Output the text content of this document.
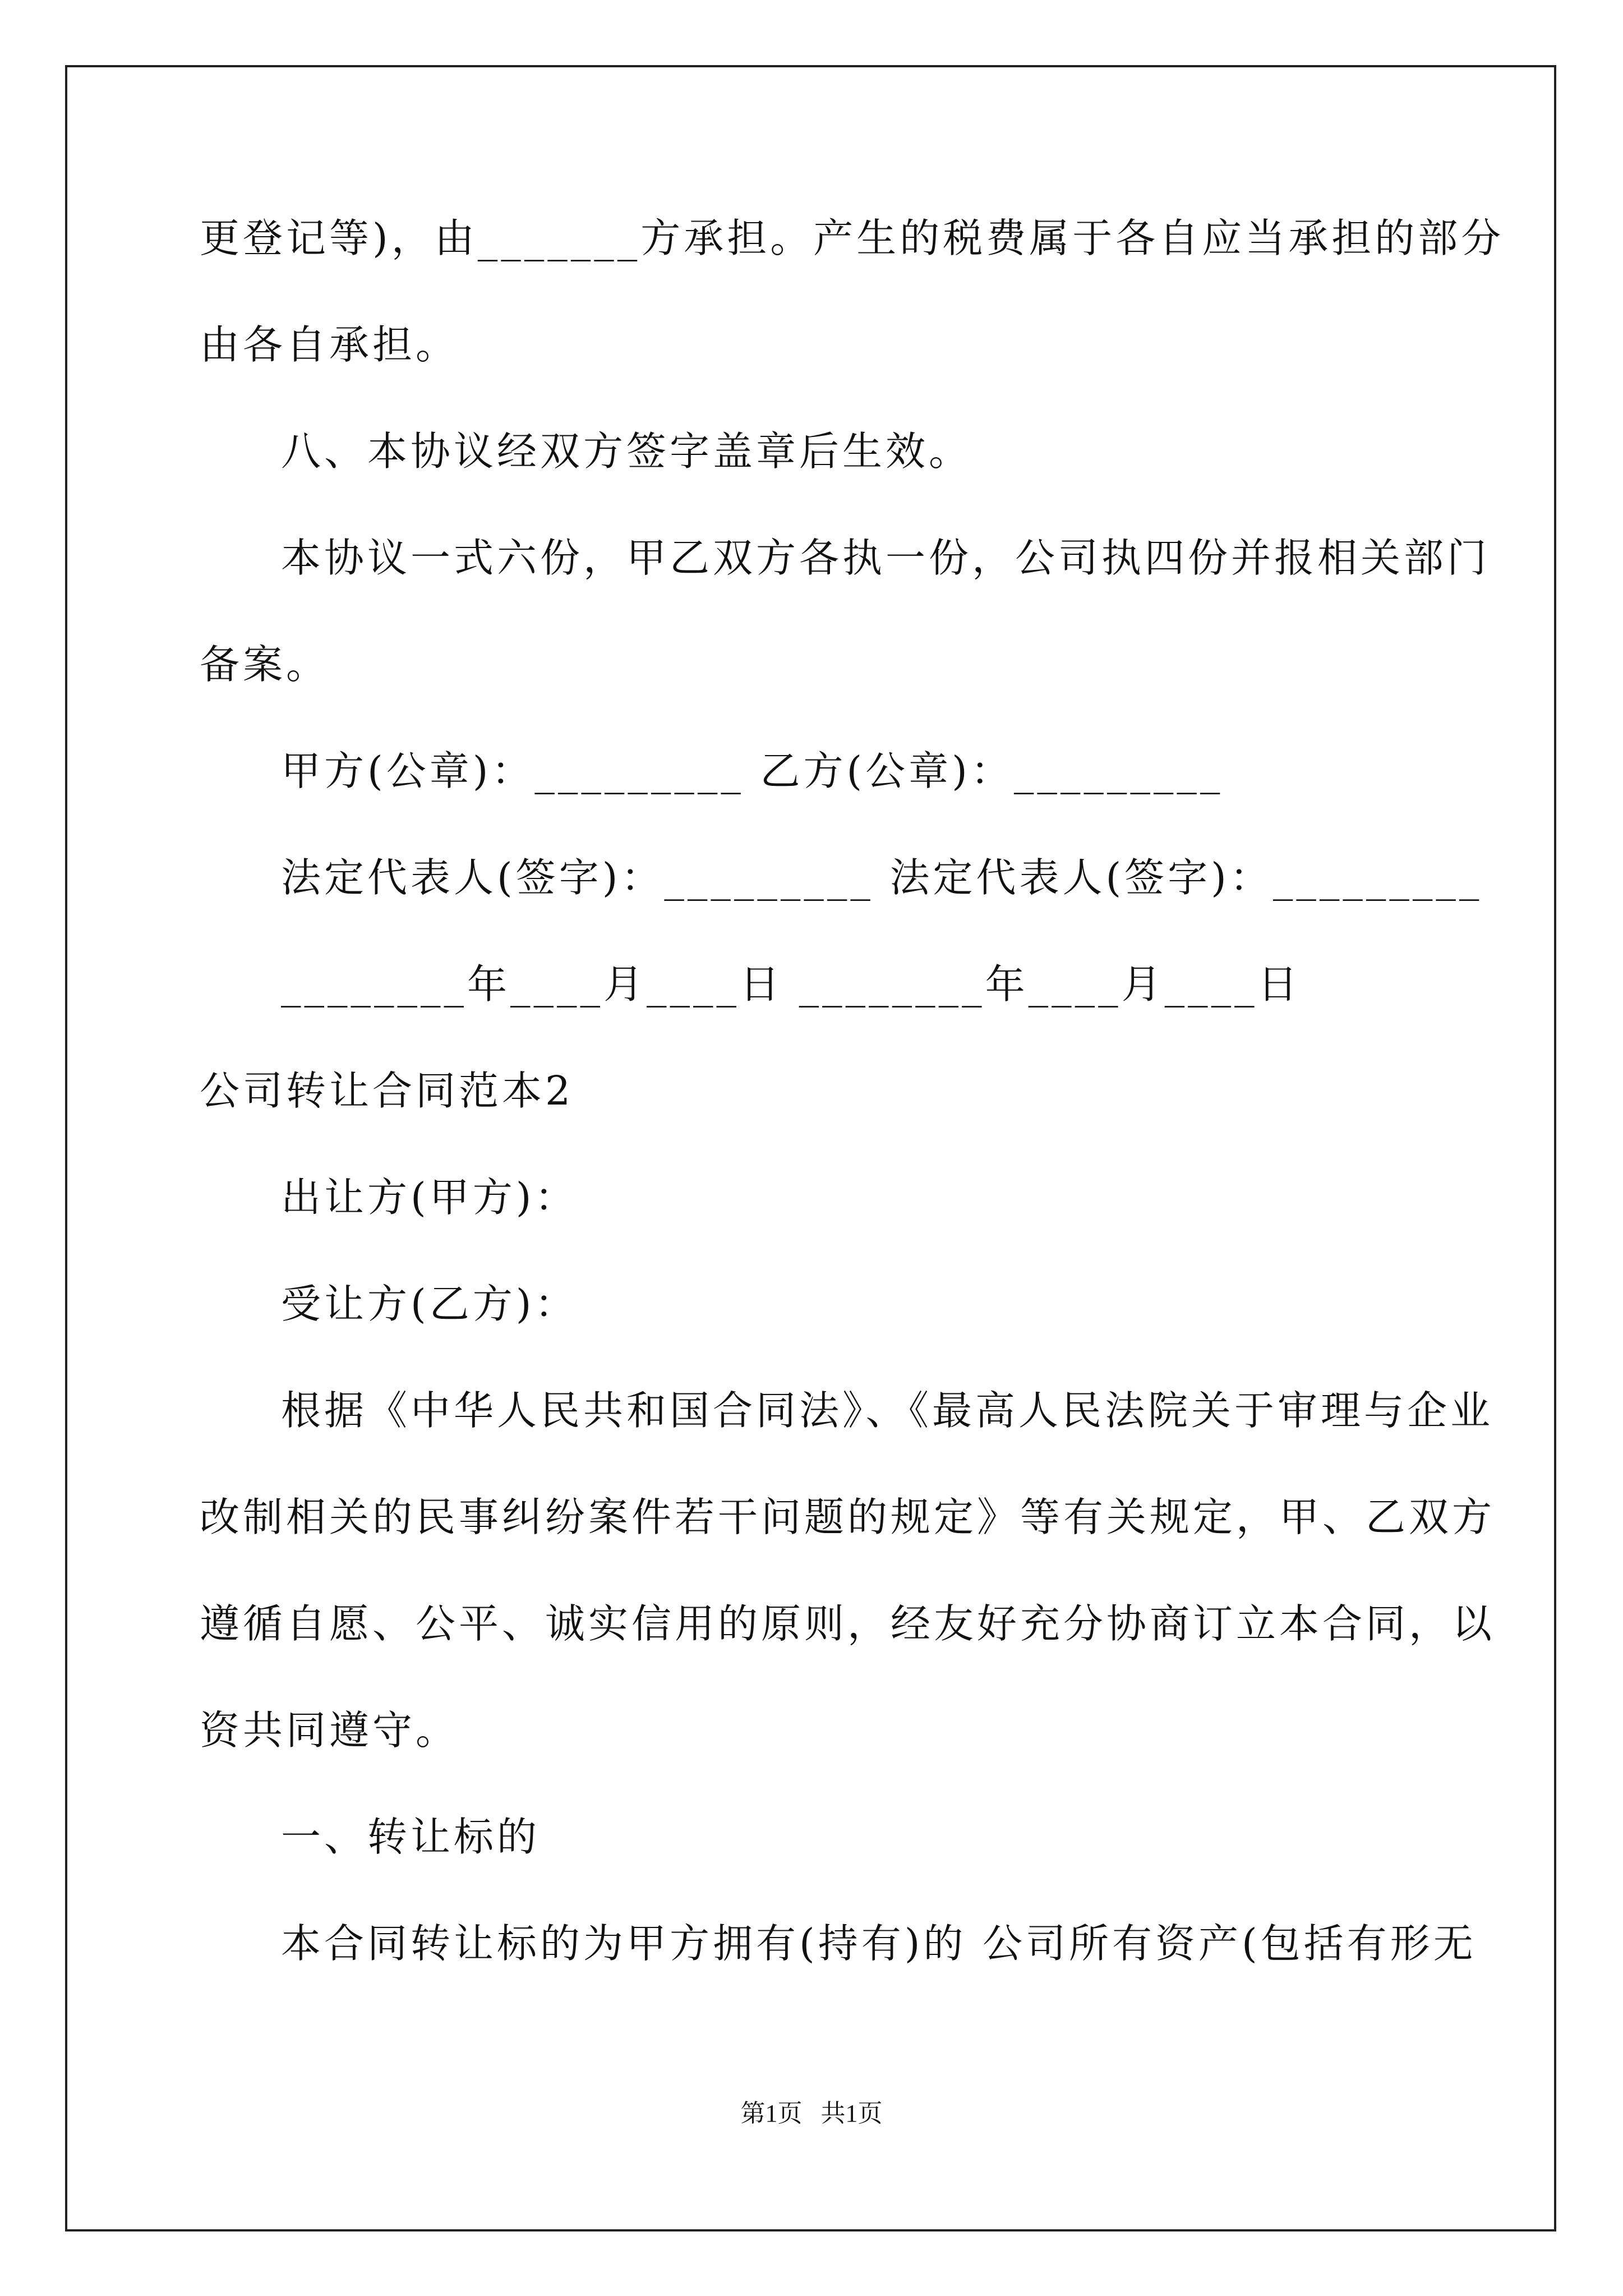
更登记等)，由_______方承担。产生的税费属于各自应当承担的部分
由各自承担。
八、本协议经双方签字盖章后生效。
本协议一式六份，甲乙双方各执一份，公司执四份并报相关部门
备案。
甲方(公章)：_________ 乙方(公章)：_________
法定代表人(签字)：_________ 法定代表人(签字)：_________
________年____月____日 ________年____月____日
公司转让合同范本2
出让方(甲方)：
受让方(乙方)：
根据《中华人民共和国合同法》、《最高人民法院关于审理与企业
改制相关的民事纠纷案件若干问题的规定》等有关规定，甲、乙双方
遵循自愿、公平、诚实信用的原则，经友好充分协商订立本合同，以
资共同遵守。
一、转让标的
本合同转让标的为甲方拥有(持有)的 公司所有资产(包括有形无
第1页   共1页
